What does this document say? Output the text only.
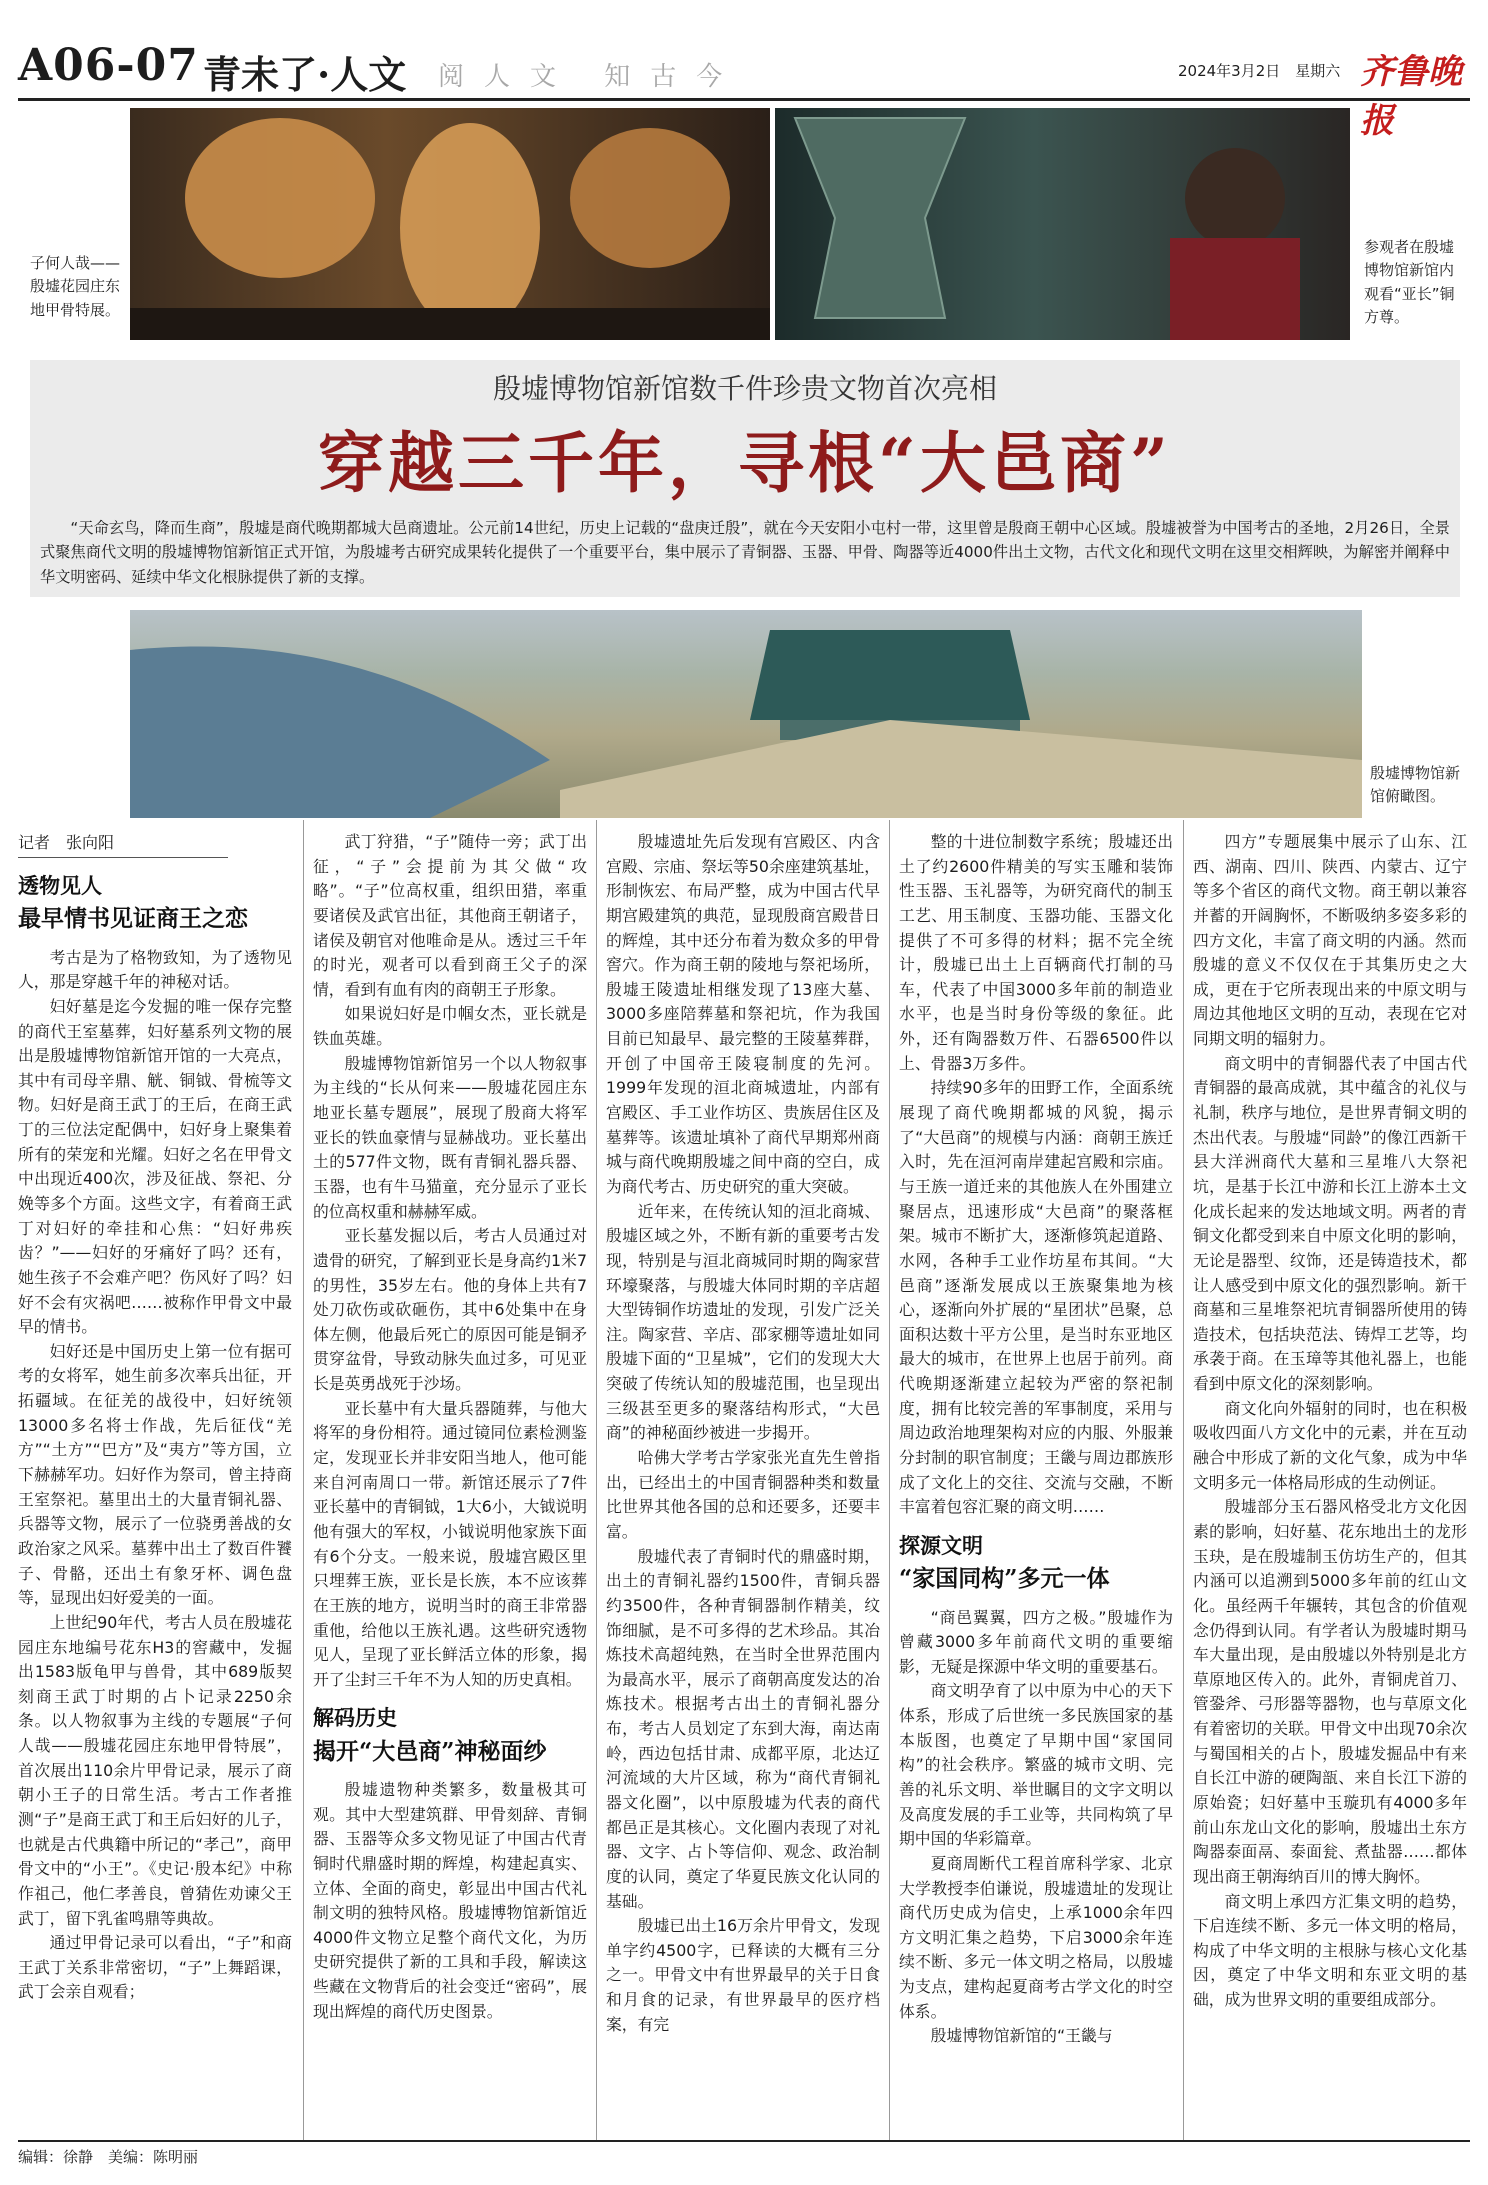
A06-07 青未了·人文 阅人文 知古今	2024年3月2日　星期六 齐鲁晚报
子何人哉——殷墟花园庄东地甲骨特展。
参观者在殷墟博物馆新馆内观看“亚长”铜方尊。
殷墟博物馆新馆数千件珍贵文物首次亮相
穿越三千年，寻根“大邑商”
“天命玄鸟，降而生商”，殷墟是商代晚期都城大邑商遗址。公元前14世纪，历史上记载的“盘庚迁殷”，就在今天安阳小屯村一带，这里曾是殷商王朝中心区域。殷墟被誉为中国考古的圣地，2月26日，全景式聚焦商代文明的殷墟博物馆新馆正式开馆，为殷墟考古研究成果转化提供了一个重要平台，集中展示了青铜器、玉器、甲骨、陶器等近4000件出土文物，古代文化和现代文明在这里交相辉映，为解密并阐释中华文明密码、延续中华文化根脉提供了新的支撑。
殷墟博物馆新馆俯瞰图。
记者　张向阳
透物见人
最早情书见证商王之恋

考古是为了格物致知，为了透物见人，那是穿越千年的神秘对话。

妇好墓是迄今发掘的唯一保存完整的商代王室墓葬，妇好墓系列文物的展出是殷墟博物馆新馆开馆的一大亮点，其中有司母辛鼎、觥、铜钺、骨梳等文物。妇好是商王武丁的王后，在商王武丁的三位法定配偶中，妇好身上聚集着所有的荣宠和光耀。妇好之名在甲骨文中出现近400次，涉及征战、祭祀、分娩等多个方面。这些文字，有着商王武丁对妇好的牵挂和心焦：“妇好弗疾齿？”——妇好的牙痛好了吗？还有，她生孩子不会难产吧？伤风好了吗？妇好不会有灾祸吧……被称作甲骨文中最早的情书。

妇好还是中国历史上第一位有据可考的女将军，她生前多次率兵出征，开拓疆域。在征羌的战役中，妇好统领13000多名将士作战，先后征伐“羌方”“土方”“巴方”及“夷方”等方国，立下赫赫军功。妇好作为祭司，曾主持商王室祭祀。墓里出土的大量青铜礼器、兵器等文物，展示了一位骁勇善战的女政治家之风采。墓葬中出土了数百件饕子、骨骼，还出土有象牙杯、调色盘等，显现出妇好爱美的一面。

上世纪90年代，考古人员在殷墟花园庄东地编号花东H3的窖藏中，发掘出1583版龟甲与兽骨，其中689版契刻商王武丁时期的占卜记录2250余条。以人物叙事为主线的专题展“子何人哉——殷墟花园庄东地甲骨特展”，首次展出110余片甲骨记录，展示了商朝小王子的日常生活。考古工作者推测“子”是商王武丁和王后妇好的儿子，也就是古代典籍中所记的“孝己”，商甲骨文中的“小王”。《史记·殷本纪》中称作祖己，他仁孝善良，曾猜佐劝谏父王武丁，留下乳雀鸣鼎等典故。

通过甲骨记录可以看出，“子”和商王武丁关系非常密切，“子”上舞蹈课，武丁会亲自观看；

武丁狩猎，“子”随侍一旁；武丁出征，“子”会提前为其父做“攻略”。“子”位高权重，组织田猎，率重要诸侯及武官出征，其他商王朝诸子，诸侯及朝官对他唯命是从。透过三千年的时光，观者可以看到商王父子的深情，看到有血有肉的商朝王子形象。

如果说妇好是巾帼女杰，亚长就是铁血英雄。

殷墟博物馆新馆另一个以人物叙事为主线的“长从何来——殷墟花园庄东地亚长墓专题展”，展现了殷商大将军亚长的铁血豪情与显赫战功。亚长墓出土的577件文物，既有青铜礼器兵器、玉器，也有牛马猫童，充分显示了亚长的位高权重和赫赫军威。

亚长墓发掘以后，考古人员通过对遗骨的研究，了解到亚长是身高约1米7的男性，35岁左右。他的身体上共有7处刀砍伤或砍砸伤，其中6处集中在身体左侧，他最后死亡的原因可能是铜矛贯穿盆骨，导致动脉失血过多，可见亚长是英勇战死于沙场。

亚长墓中有大量兵器随葬，与他大将军的身份相符。通过镜同位素检测鉴定，发现亚长并非安阳当地人，他可能来自河南周口一带。新馆还展示了7件亚长墓中的青铜钺，1大6小，大钺说明他有强大的军权，小钺说明他家族下面有6个分支。一般来说，殷墟宫殿区里只埋葬王族，亚长是长族，本不应该葬在王族的地方，说明当时的商王非常器重他，给他以王族礼遇。这些研究透物见人，呈现了亚长鲜活立体的形象，揭开了尘封三千年不为人知的历史真相。

解码历史
揭开“大邑商”神秘面纱

殷墟遗物种类繁多，数量极其可观。其中大型建筑群、甲骨刻辞、青铜器、玉器等众多文物见证了中国古代青铜时代鼎盛时期的辉煌，构建起真实、立体、全面的商史，彰显出中国古代礼制文明的独特风格。殷墟博物馆新馆近4000件文物立足整个商代文化，为历史研究提供了新的工具和手段，解读这些藏在文物背后的社会变迁“密码”，展现出辉煌的商代历史图景。

殷墟遗址先后发现有宫殿区、内含宫殿、宗庙、祭坛等50余座建筑基址，形制恢宏、布局严整，成为中国古代早期宫殿建筑的典范，显现殷商宫殿昔日的辉煌，其中还分布着为数众多的甲骨窖穴。作为商王朝的陵地与祭祀场所，殷墟王陵遗址相继发现了13座大墓、3000多座陪葬墓和祭祀坑，作为我国目前已知最早、最完整的王陵墓葬群，开创了中国帝王陵寝制度的先河。1999年发现的洹北商城遗址，内部有宫殿区、手工业作坊区、贵族居住区及墓葬等。该遗址填补了商代早期郑州商城与商代晚期殷墟之间中商的空白，成为商代考古、历史研究的重大突破。

近年来，在传统认知的洹北商城、殷墟区域之外，不断有新的重要考古发现，特别是与洹北商城同时期的陶家营环壕聚落，与殷墟大体同时期的辛店超大型铸铜作坊遗址的发现，引发广泛关注。陶家营、辛店、邵家棚等遗址如同殷墟下面的“卫星城”，它们的发现大大突破了传统认知的殷墟范围，也呈现出三级甚至更多的聚落结构形式，“大邑商”的神秘面纱被进一步揭开。

哈佛大学考古学家张光直先生曾指出，已经出土的中国青铜器种类和数量比世界其他各国的总和还要多，还要丰富。

殷墟代表了青铜时代的鼎盛时期，出土的青铜礼器约1500件，青铜兵器约3500件，各种青铜器制作精美，纹饰细腻，是不可多得的艺术珍品。其冶炼技术高超纯熟，在当时全世界范围内为最高水平，展示了商朝高度发达的冶炼技术。根据考古出土的青铜礼器分布，考古人员划定了东到大海，南达南岭，西边包括甘肃、成都平原，北达辽河流域的大片区域，称为“商代青铜礼器文化圈”，以中原殷墟为代表的商代都邑正是其核心。文化圈内表现了对礼器、文字、占卜等信仰、观念、政治制度的认同，奠定了华夏民族文化认同的基础。

殷墟已出土16万余片甲骨文，发现单字约4500字，已释读的大概有三分之一。甲骨文中有世界最早的关于日食和月食的记录，有世界最早的医疗档案，有完

整的十进位制数字系统；殷墟还出土了约2600件精美的写实玉雕和装饰性玉器、玉礼器等，为研究商代的制玉工艺、用玉制度、玉器功能、玉器文化提供了不可多得的材料；据不完全统计，殷墟已出土上百辆商代打制的马车，代表了中国3000多年前的制造业水平，也是当时身份等级的象征。此外，还有陶器数万件、石器6500件以上、骨器3万多件。

持续90多年的田野工作，全面系统展现了商代晚期都城的风貌，揭示了“大邑商”的规模与内涵：商朝王族迁入时，先在洹河南岸建起宫殿和宗庙。与王族一道迁来的其他族人在外围建立聚居点，迅速形成“大邑商”的聚落框架。城市不断扩大，逐渐修筑起道路、水网，各种手工业作坊星布其间。“大邑商”逐渐发展成以王族聚集地为核心，逐渐向外扩展的“星团状”邑聚，总面积达数十平方公里，是当时东亚地区最大的城市，在世界上也居于前列。商代晚期逐渐建立起较为严密的祭祀制度，拥有比较完善的军事制度，采用与周边政治地理架构对应的内服、外服兼分封制的职官制度；王畿与周边郡族形成了文化上的交往、交流与交融，不断丰富着包容汇聚的商文明……

探源文明
“家国同构”多元一体

“商邑翼翼，四方之极。”殷墟作为曾藏3000多年前商代文明的重要缩影，无疑是探源中华文明的重要基石。

商文明孕育了以中原为中心的天下体系，形成了后世统一多民族国家的基本版图，也奠定了早期中国“家国同构”的社会秩序。繁盛的城市文明、完善的礼乐文明、举世瞩目的文字文明以及高度发展的手工业等，共同构筑了早期中国的华彩篇章。

夏商周断代工程首席科学家、北京大学教授李伯谦说，殷墟遗址的发现让商代历史成为信史，上承1000余年四方文明汇集之趋势，下启3000余年连续不断、多元一体文明之格局，以殷墟为支点，建构起夏商考古学文化的时空体系。

殷墟博物馆新馆的“王畿与

四方”专题展集中展示了山东、江西、湖南、四川、陕西、内蒙古、辽宁等多个省区的商代文物。商王朝以兼容并蓄的开阔胸怀，不断吸纳多姿多彩的四方文化，丰富了商文明的内涵。然而殷墟的意义不仅仅在于其集历史之大成，更在于它所表现出来的中原文明与周边其他地区文明的互动，表现在它对同期文明的辐射力。

商文明中的青铜器代表了中国古代青铜器的最高成就，其中蕴含的礼仪与礼制，秩序与地位，是世界青铜文明的杰出代表。与殷墟“同龄”的像江西新干县大洋洲商代大墓和三星堆八大祭祀坑，是基于长江中游和长江上游本土文化成长起来的发达地域文明。两者的青铜文化都受到来自中原文化明的影响，无论是器型、纹饰，还是铸造技术，都让人感受到中原文化的强烈影响。新干商墓和三星堆祭祀坑青铜器所使用的铸造技术，包括块范法、铸焊工艺等，均承袭于商。在玉璋等其他礼器上，也能看到中原文化的深刻影响。

商文化向外辐射的同时，也在积极吸收四面八方文化中的元素，并在互动融合中形成了新的文化气象，成为中华文明多元一体格局形成的生动例证。

殷墟部分玉石器风格受北方文化因素的影响，妇好墓、花东地出土的龙形玉玦，是在殷墟制玉仿坊生产的，但其内涵可以追溯到5000多年前的红山文化。虽经两千年辗转，其包含的价值观念仍得到认同。有学者认为殷墟时期马车大量出现，是由殷墟以外特别是北方草原地区传入的。此外，青铜虎首刀、管銎斧、弓形器等器物，也与草原文化有着密切的关联。甲骨文中出现70余次与蜀国相关的占卜，殷墟发掘品中有来自长江中游的硬陶瓿、来自长江下游的原始瓷；妇好墓中玉璇玑有4000多年前山东龙山文化的影响，殷墟出土东方陶器泰面鬲、泰面瓮、煮盐器……都体现出商王朝海纳百川的博大胸怀。

商文明上承四方汇集文明的趋势，下启连续不断、多元一体文明的格局，构成了中华文明的主根脉与核心文化基因，奠定了中华文明和东亚文明的基础，成为世界文明的重要组成部分。

编辑：徐静　美编：陈明丽
